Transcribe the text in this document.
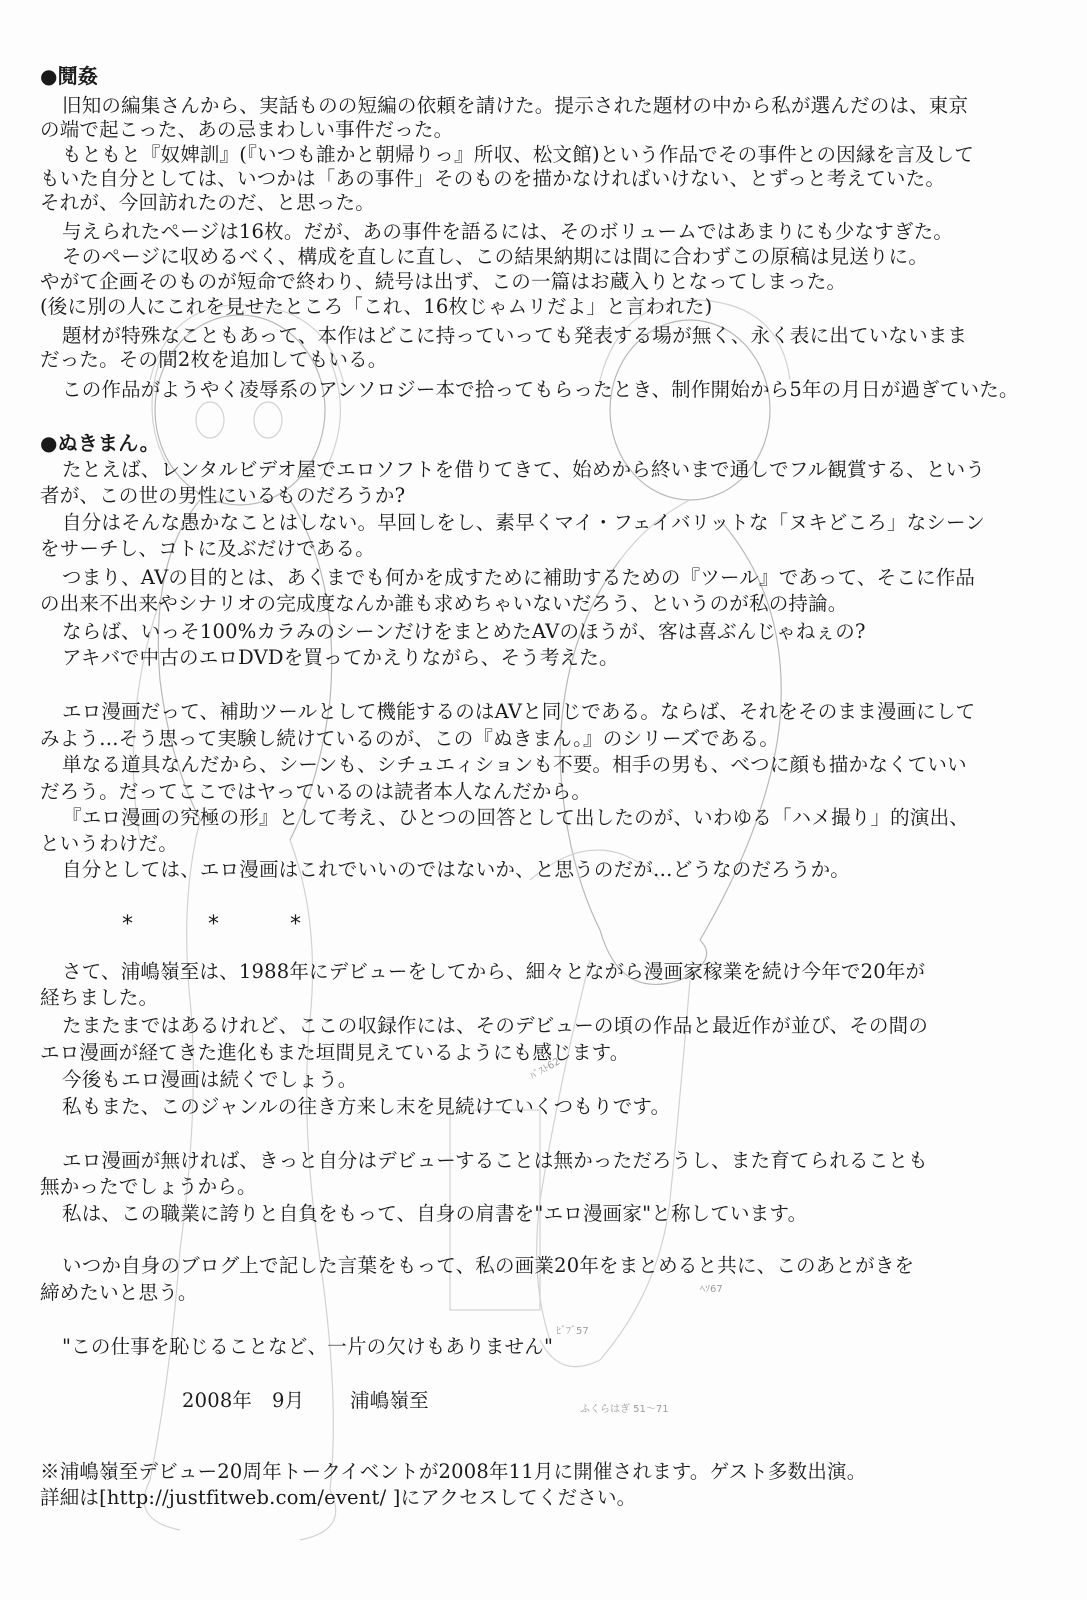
●鬩姦
旧知の編集さんから、実話ものの短編の依頼を請けた。提示された題材の中から私が選んだのは、東京
の端で起こった、あの忌まわしい事件だった。
もともと『奴婢訓』(『いつも誰かと朝帰りっ』所収、松文館)という作品でその事件との因縁を言及して
もいた自分としては、いつかは「あの事件」そのものを描かなければいけない、とずっと考えていた。
それが、今回訪れたのだ、と思った。
与えられたページは16枚。だが、あの事件を語るには、そのボリュームではあまりにも少なすぎた。
そのページに収めるべく、構成を直しに直し、この結果納期には間に合わずこの原稿は見送りに。
やがて企画そのものが短命で終わり、続号は出ず、この一篇はお蔵入りとなってしまった。
(後に別の人にこれを見せたところ「これ、16枚じゃムリだよ」と言われた)
題材が特殊なこともあって、本作はどこに持っていっても発表する場が無く、永く表に出ていないまま
だった。その間2枚を追加してもいる。
この作品がようやく凌辱系のアンソロジー本で拾ってもらったとき、制作開始から5年の月日が過ぎていた。
●ぬきまん。
たとえば、レンタルビデオ屋でエロソフトを借りてきて、始めから終いまで通しでフル観賞する、という
者が、この世の男性にいるものだろうか?
自分はそんな愚かなことはしない。早回しをし、素早くマイ・フェイバリットな「ヌキどころ」なシーン
をサーチし、コトに及ぶだけである。
つまり、AVの目的とは、あくまでも何かを成すために補助するための『ツール』であって、そこに作品
の出来不出来やシナリオの完成度なんか誰も求めちゃいないだろう、というのが私の持論。
ならば、いっそ100%カラみのシーンだけをまとめたAVのほうが、客は喜ぶんじゃねぇの?
アキバで中古のエロDVDを買ってかえりながら、そう考えた。
エロ漫画だって、補助ツールとして機能するのはAVと同じである。ならば、それをそのまま漫画にして
みよう…そう思って実験し続けているのが、この『ぬきまん。』のシリーズである。
単なる道具なんだから、シーンも、シチュエィションも不要。相手の男も、べつに顔も描かなくていい
だろう。だってここではヤっているのは読者本人なんだから。
『エロ漫画の究極の形』として考え、ひとつの回答として出したのが、いわゆる「ハメ撮り」的演出、
というわけだ。
自分としては、エロ漫画はこれでいいのではないか、と思うのだが…どうなのだろうか。
*	*	*
さて、浦嶋嶺至は、1988年にデビューをしてから、細々とながら漫画家稼業を続け今年で20年が
経ちました。
たまたまではあるけれど、ここの収録作には、そのデビューの頃の作品と最近作が並び、その間の
エロ漫画が経てきた進化もまた垣間見えているようにも感じます。
今後もエロ漫画は続くでしょう。
私もまた、このジャンルの往き方来し末を見続けていくつもりです。
エロ漫画が無ければ、きっと自分はデビューすることは無かっただろうし、また育てられることも
無かったでしょうから。
私は、この職業に誇りと自負をもって、自身の肩書を"エロ漫画家"と称しています。
いつか自身のブログ上で記した言葉をもって、私の画業20年をまとめると共に、このあとがきを
締めたいと思う。
"この仕事を恥じることなど、一片の欠けもありません"
2008年 9月 浦嶋嶺至
※浦嶋嶺至デビュー20周年トークイベントが2008年11月に開催されます。ゲスト多数出演。
詳細は[http://justfitweb.com/event/ ]にアクセスしてください。
ﾊﾞｽﾄ62
ﾍｿ67
ﾋﾞﾌﾞ57
ふくらはぎ 51〜71
